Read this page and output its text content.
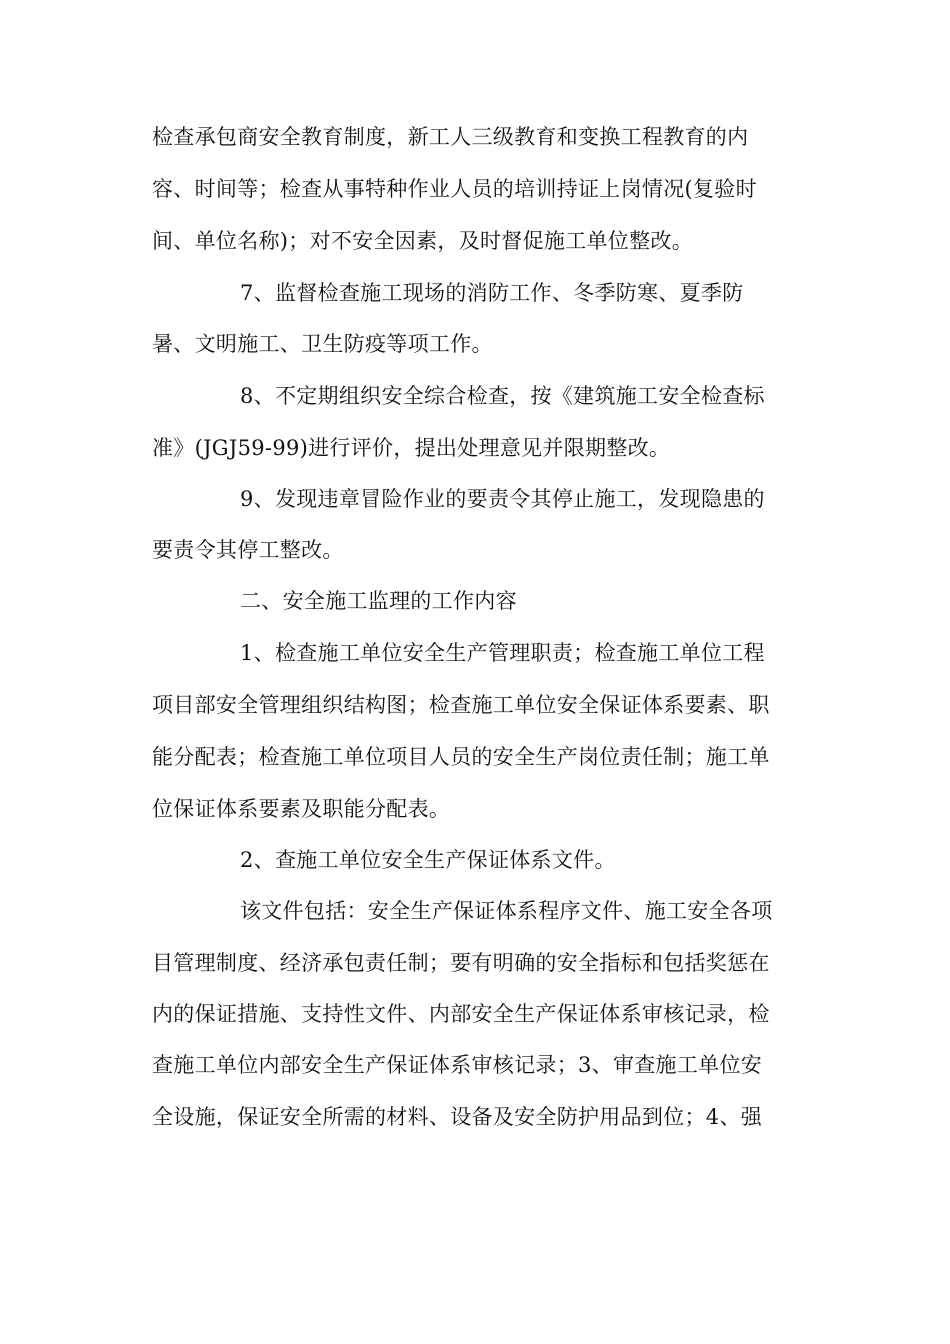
检查承包商安全教育制度，新工人三级教育和变换工程教育的内
容、时间等；检查从事特种作业人员的培训持证上岗情况(复验时
间、单位名称)；对不安全因素，及时督促施工单位整改。
7、监督检查施工现场的消防工作、冬季防寒、夏季防
暑、文明施工、卫生防疫等项工作。
8、不定期组织安全综合检查，按《建筑施工安全检查标
准》(JGJ59-99)进行评价，提出处理意见并限期整改。
9、发现违章冒险作业的要责令其停止施工，发现隐患的
要责令其停工整改。
二、安全施工监理的工作内容
1、检查施工单位安全生产管理职责；检查施工单位工程
项目部安全管理组织结构图；检查施工单位安全保证体系要素、职
能分配表；检查施工单位项目人员的安全生产岗位责任制；施工单
位保证体系要素及职能分配表。
2、查施工单位安全生产保证体系文件。
该文件包括：安全生产保证体系程序文件、施工安全各项
目管理制度、经济承包责任制；要有明确的安全指标和包括奖惩在
内的保证措施、支持性文件、内部安全生产保证体系审核记录，检
查施工单位内部安全生产保证体系审核记录；3、审查施工单位安
全设施，保证安全所需的材料、设备及安全防护用品到位；4、强
